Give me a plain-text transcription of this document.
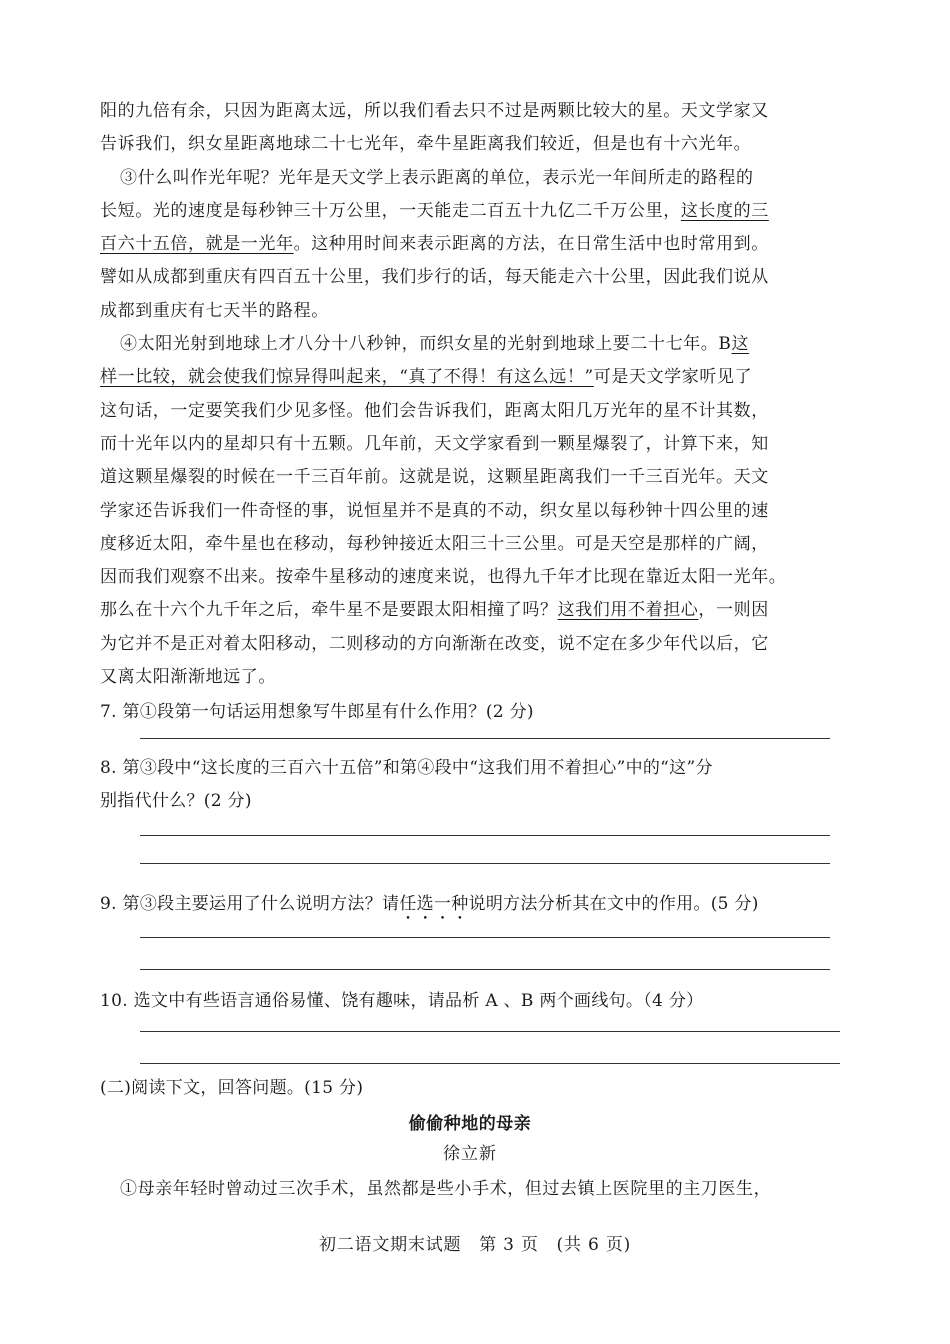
阳的九倍有余，只因为距离太远，所以我们看去只不过是两颗比较大的星。天文学家又
告诉我们，织女星距离地球二十七光年，牵牛星距离我们较近，但是也有十六光年。
③什么叫作光年呢？光年是天文学上表示距离的单位，表示光一年间所走的路程的
长短。光的速度是每秒钟三十万公里，一天能走二百五十九亿二千万公里，这长度的三
百六十五倍，就是一光年。这种用时间来表示距离的方法，在日常生活中也时常用到。
譬如从成都到重庆有四百五十公里，我们步行的话，每天能走六十公里，因此我们说从
成都到重庆有七天半的路程。
④太阳光射到地球上才八分十八秒钟，而织女星的光射到地球上要二十七年。B这
样一比较，就会使我们惊异得叫起来，“真了不得！有这么远！”可是天文学家听见了
这句话，一定要笑我们少见多怪。他们会告诉我们，距离太阳几万光年的星不计其数，
而十光年以内的星却只有十五颗。几年前，天文学家看到一颗星爆裂了，计算下来，知
道这颗星爆裂的时候在一千三百年前。这就是说，这颗星距离我们一千三百光年。天文
学家还告诉我们一件奇怪的事，说恒星并不是真的不动，织女星以每秒钟十四公里的速
度移近太阳，牵牛星也在移动，每秒钟接近太阳三十三公里。可是天空是那样的广阔，
因而我们观察不出来。按牵牛星移动的速度来说，也得九千年才比现在靠近太阳一光年。
那么在十六个九千年之后，牵牛星不是要跟太阳相撞了吗？这我们用不着担心，一则因
为它并不是正对着太阳移动，二则移动的方向渐渐在改变，说不定在多少年代以后，它
又离太阳渐渐地远了。
7. 第①段第一句话运用想象写牛郎星有什么作用？(2 分)
8. 第③段中“这长度的三百六十五倍”和第④段中“这我们用不着担心”中的“这”分
别指代什么？(2 分)
9. 第③段主要运用了什么说明方法？请任选一种说明方法分析其在文中的作用。(5 分)
10. 选文中有些语言通俗易懂、饶有趣味，请品析 A 、B 两个画线句。（4 分）
(二)阅读下文，回答问题。(15 分)
偷偷种地的母亲
徐立新
①母亲年轻时曾动过三次手术，虽然都是些小手术，但过去镇上医院里的主刀医生，
初二语文期末试题　第 3 页　(共 6 页)
